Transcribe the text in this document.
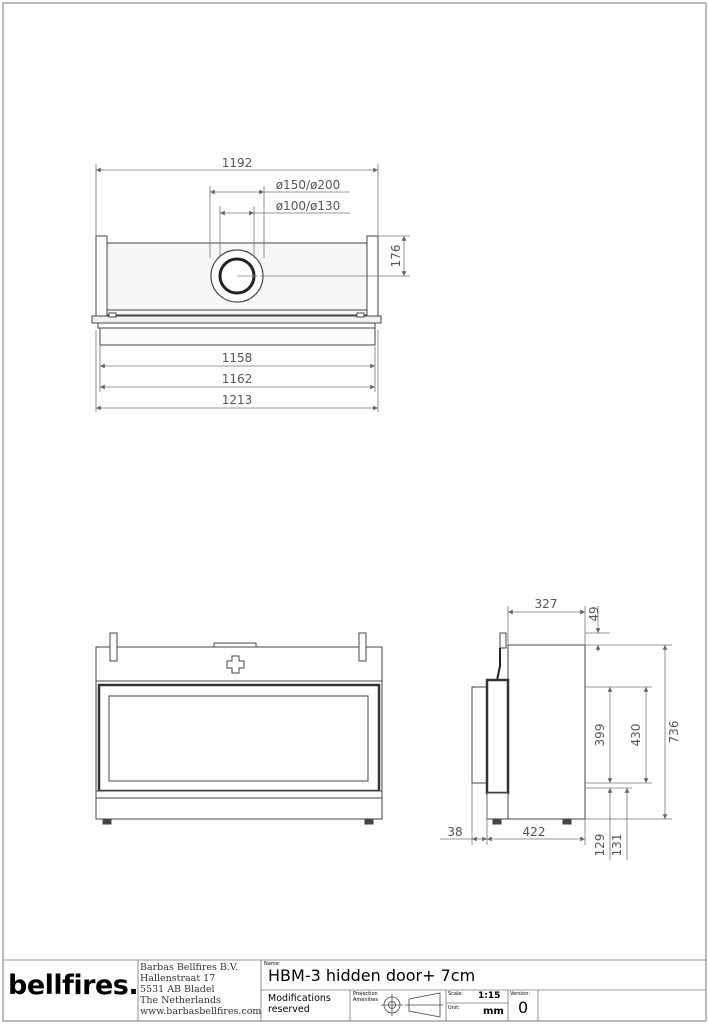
1192
ø150/ø200
ø100/ø130
176
1158
1162
1213
327
49
399 430 736
38	422
129 131
bellfires.
Barbas Bellfires B.V.
Hallenstraat 17
5531 AB Bladel
The Netherlands
www.barbasbellfires.com
Name:
HBM-3 hidden door+ 7cm
Modifications
reserved
Projection
Amenities
Scale: 1:15
Unit: mm
Version:
0
